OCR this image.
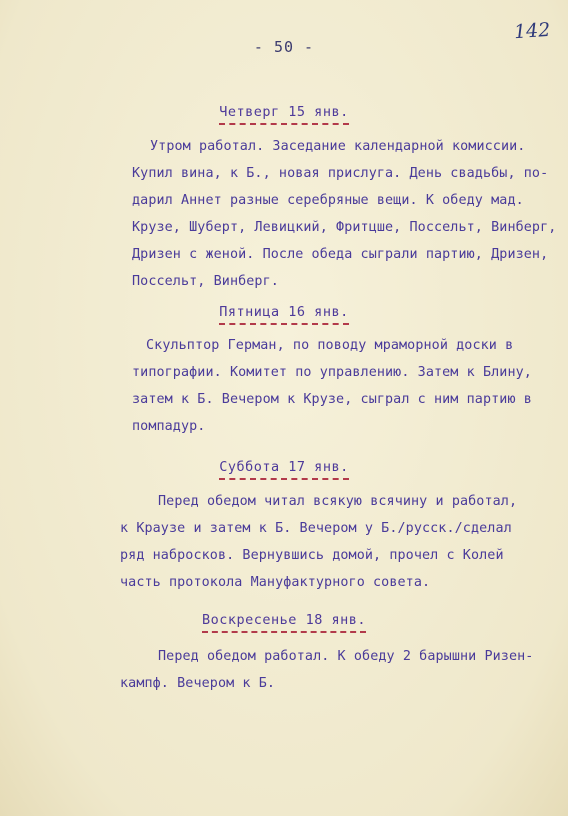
- 50 -
142
Четверг 15 янв.
Утром работал. Заседание календарной комиссии.
Купил вина, к Б., новая прислуга. День свадьбы, по-
дарил Аннет разные серебряные вещи. К обеду мад.
Крузе, Шуберт, Левицкий, Фритцше, Поссельт, Винберг,
Дризен с женой. После обеда сыграли партию, Дризен,
Поссельт, Винберг.
Пятница 16 янв.
Скульптор Герман, по поводу мраморной доски в
типографии. Комитет по управлению. Затем к Блину,
затем к Б. Вечером к Крузе, сыграл с ним партию в
помпадур.
Суббота 17 янв.
Перед обедом читал всякую всячину и работал,
к Краузе и затем к Б. Вечером у Б./русск./сделал
ряд набросков. Вернувшись домой, прочел с Колей
часть протокола Мануфактурного совета.
Воскресенье 18 янв.
Перед обедом работал. К обеду 2 барышни Ризен-
кампф. Вечером к Б.
